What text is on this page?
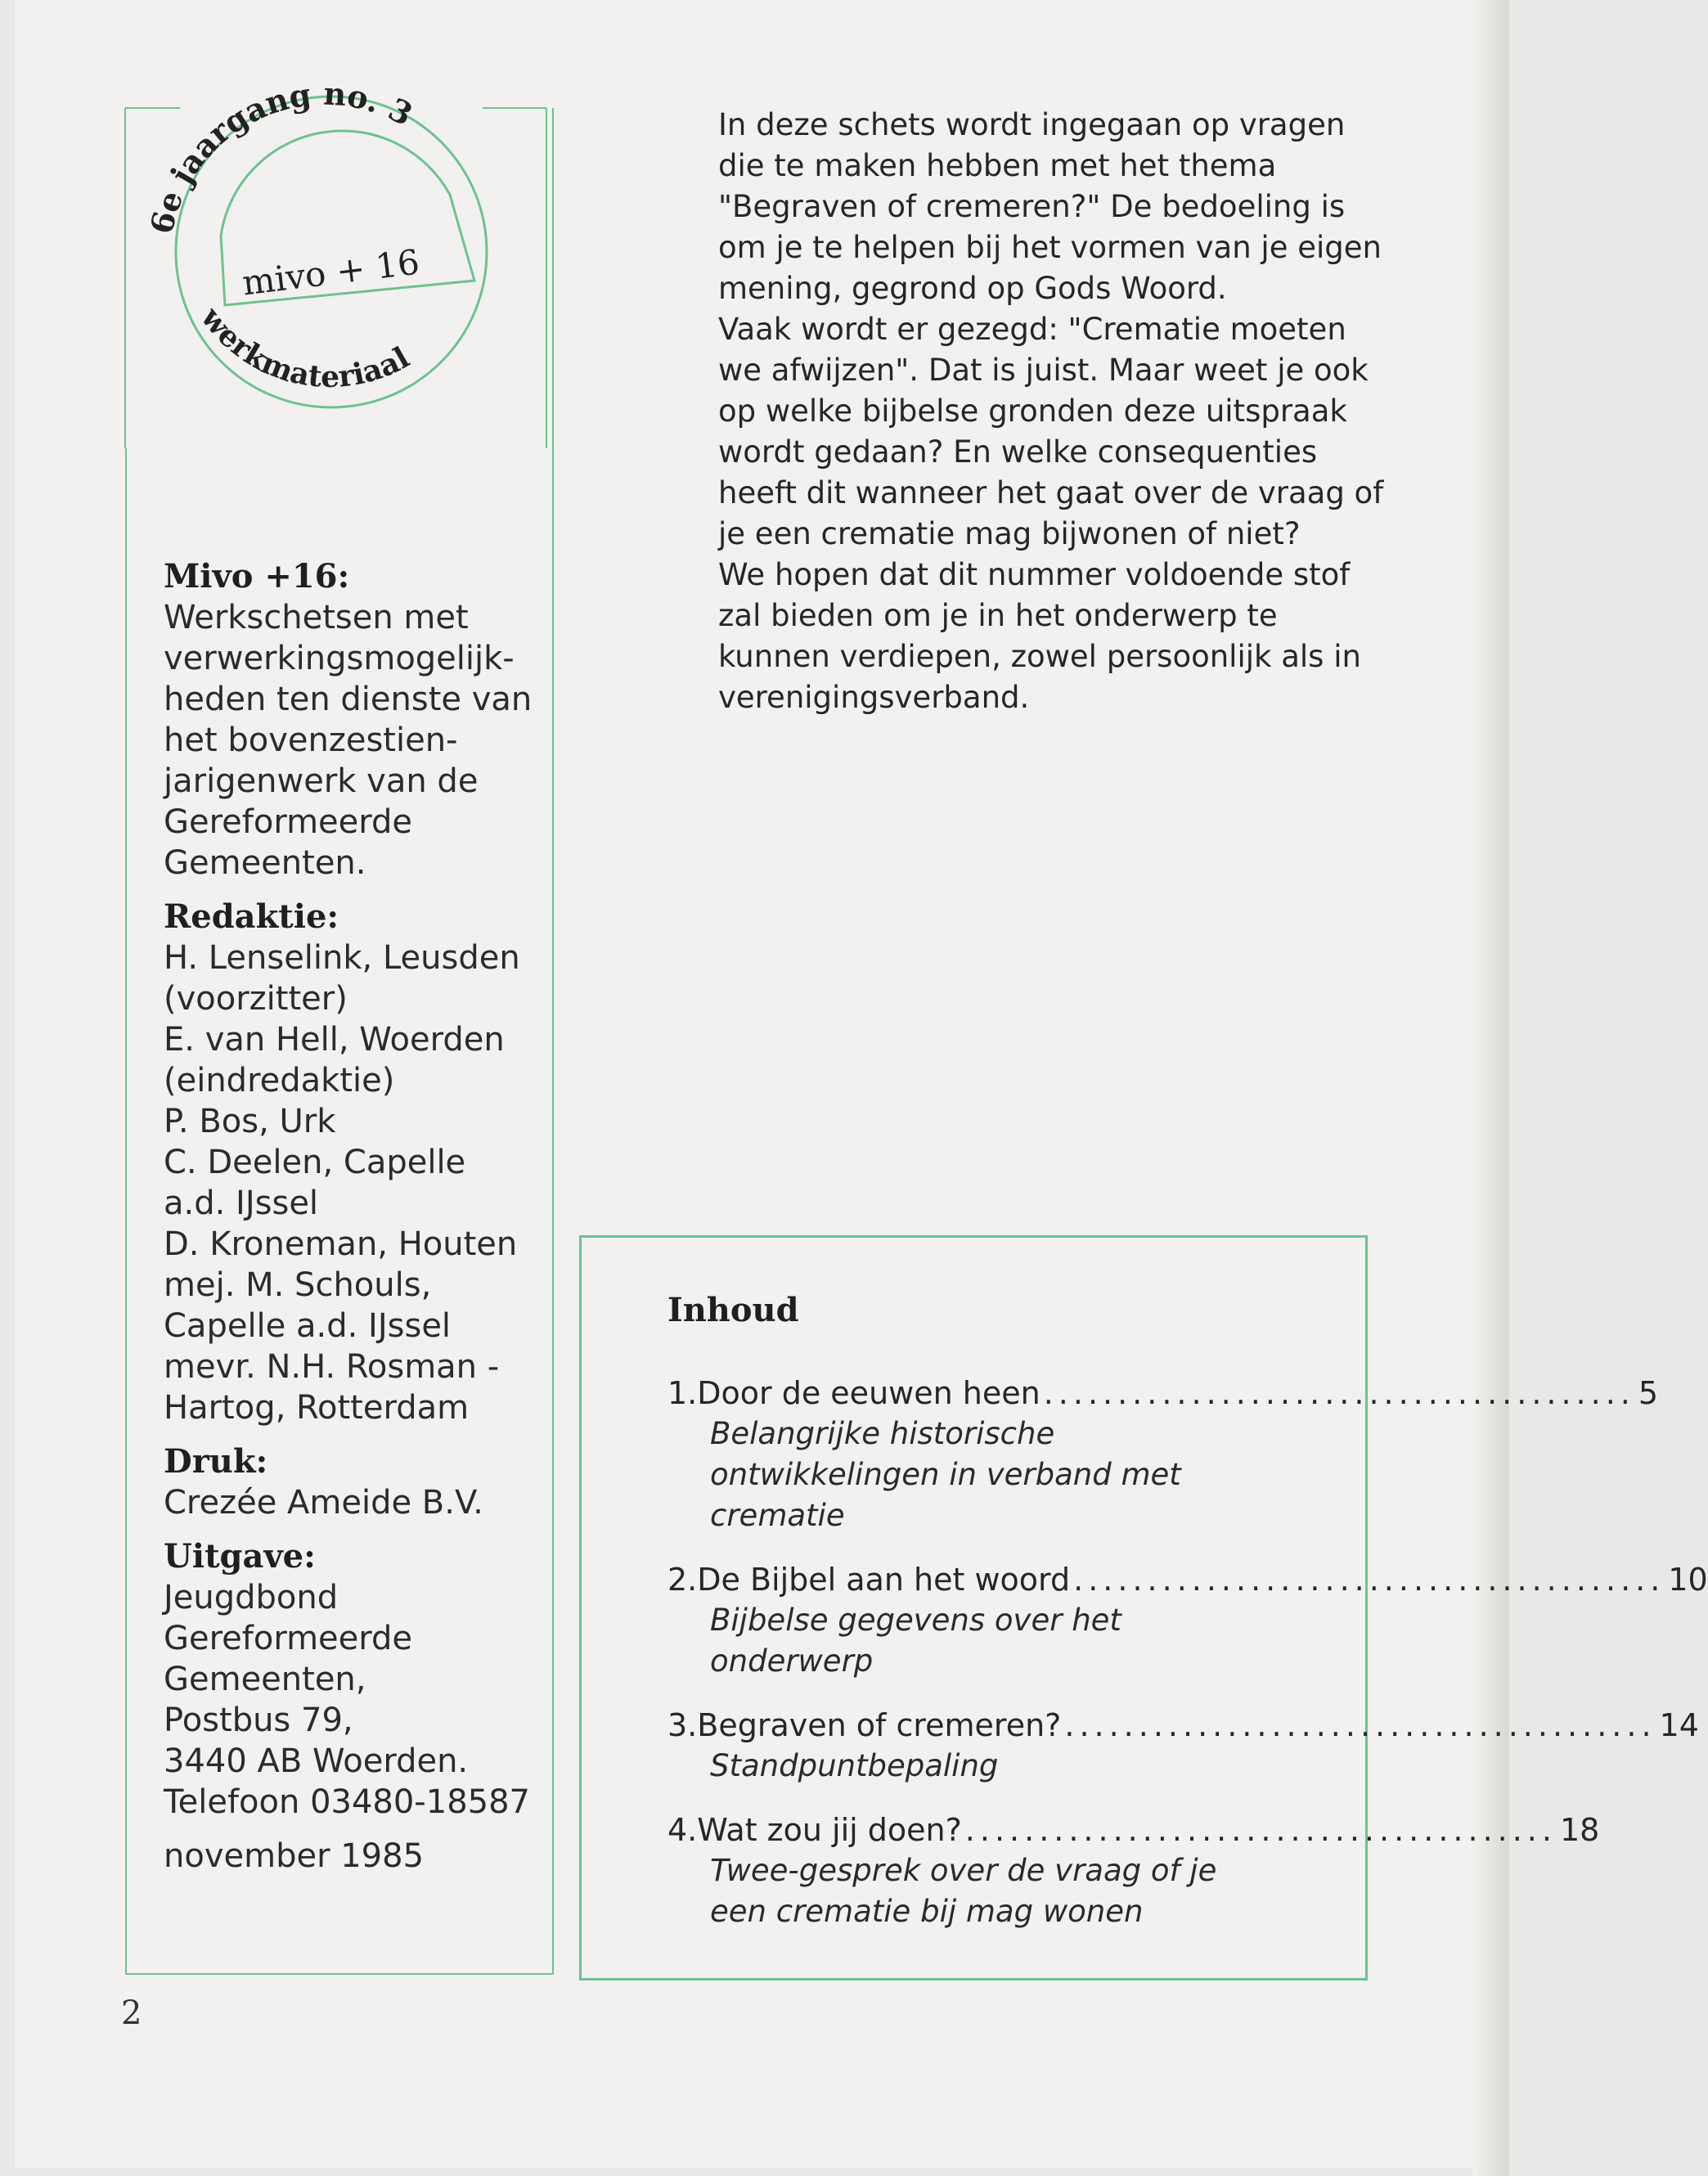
6e jaargang no. 3
mivo + 16
werkmateriaal
Mivo +16:
Werkschetsen met
verwerkingsmogelijk-
heden ten dienste van
het bovenzestien-
jarigenwerk van de
Gereformeerde
Gemeenten.
Redaktie:
H. Lenselink, Leusden
(voorzitter)
E. van Hell, Woerden
(eindredaktie)
P. Bos, Urk
C. Deelen, Capelle
a.d. IJssel
D. Kroneman, Houten
mej. M. Schouls,
Capelle a.d. IJssel
mevr. N.H. Rosman -
Hartog, Rotterdam
Druk:
Crezée Ameide B.V.
Uitgave:
Jeugdbond
Gereformeerde
Gemeenten,
Postbus 79,
3440 AB Woerden.
Telefoon 03480-18587
november 1985
In deze schets wordt ingegaan op vragen
die te maken hebben met het thema
"Begraven of cremeren?" De bedoeling is
om je te helpen bij het vormen van je eigen
mening, gegrond op Gods Woord.
Vaak wordt er gezegd: "Crematie moeten
we afwijzen". Dat is juist. Maar weet je ook
op welke bijbelse gronden deze uitspraak
wordt gedaan? En welke consequenties
heeft dit wanneer het gaat over de vraag of
je een crematie mag bijwonen of niet?
We hopen dat dit nummer voldoende stof
zal bieden om je in het onderwerp te
kunnen verdiepen, zowel persoonlijk als in
verenigingsverband.
Inhoud
1. Door de eeuwen heen ........................................ 5
Belangrijke historische
ontwikkelingen in verband met
crematie
2. De Bijbel aan het woord ........................................ 10
Bijbelse gegevens over het
onderwerp
3. Begraven of cremeren? ........................................ 14
Standpuntbepaling
4. Wat zou jij doen? ........................................ 18
Twee-gesprek over de vraag of je
een crematie bij mag wonen
2
